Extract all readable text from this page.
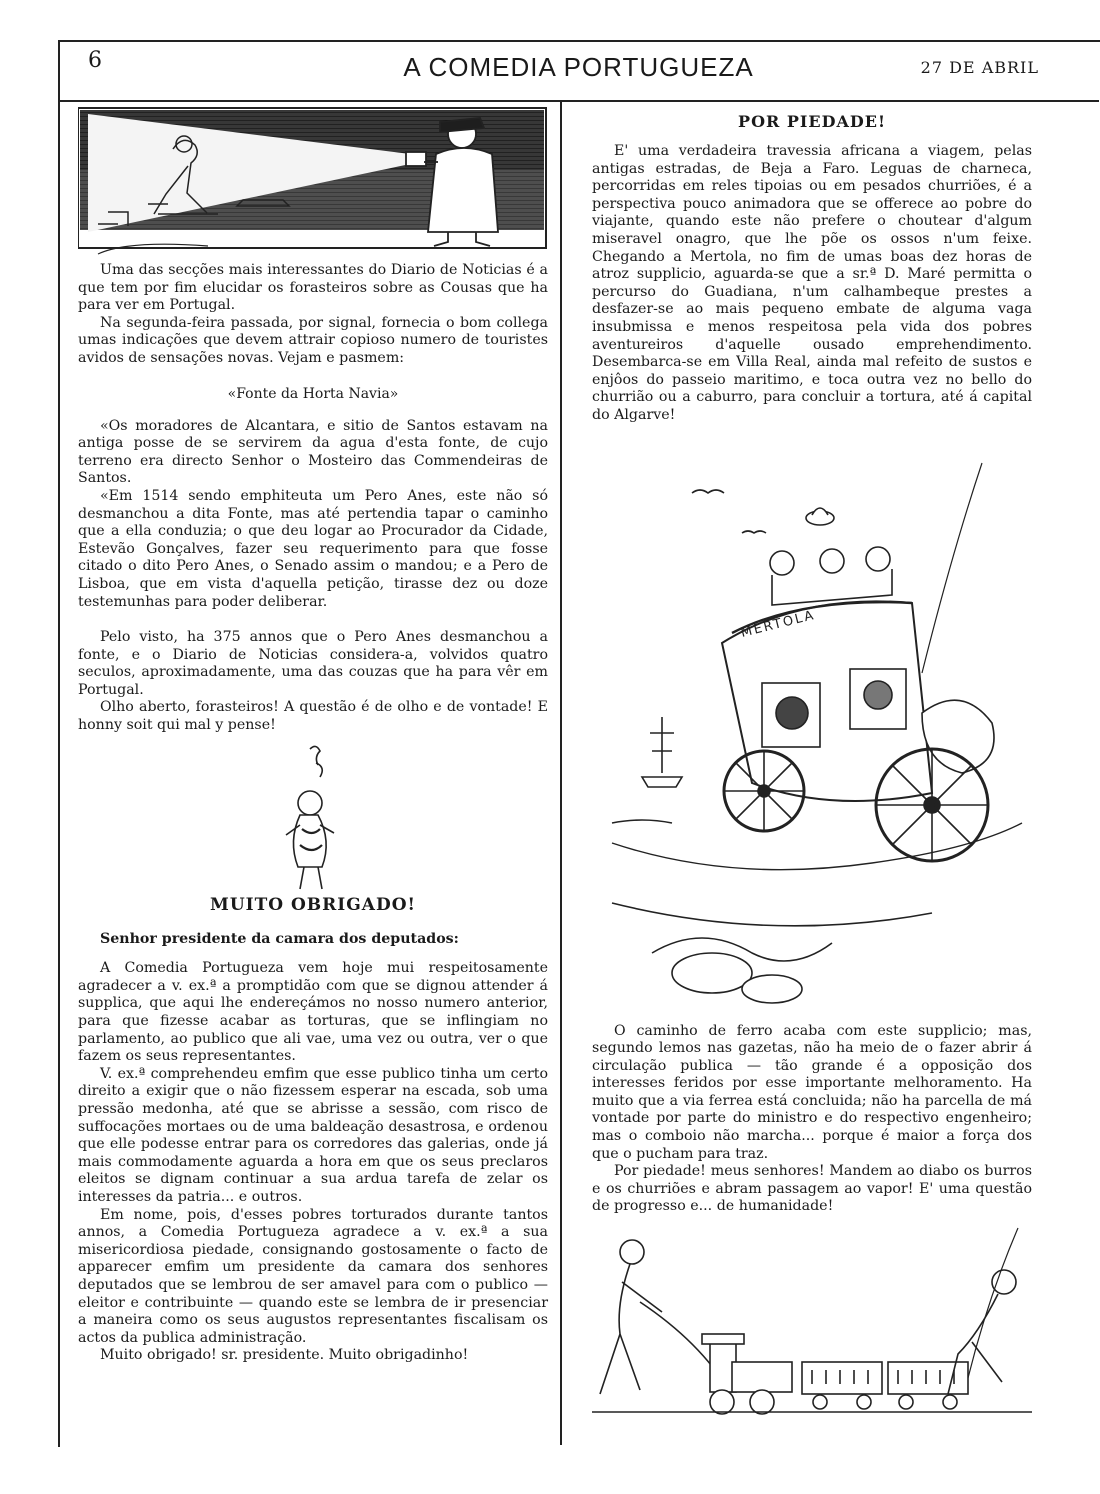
6	A COMEDIA PORTUGUEZA	27 DE ABRIL

Uma das secções mais interessantes do Diario de Noticias é a que tem por fim elucidar os forasteiros sobre as Cousas que ha para ver em Portugal.

Na segunda-feira passada, por signal, fornecia o bom collega umas indicações que devem attrair copioso numero de touristes avidos de sensações novas. Vejam e pasmem:

«Fonte da Horta Navia»

«Os moradores de Alcantara, e sitio de Santos estavam na antiga posse de se servirem da agua d'esta fonte, de cujo terreno era directo Senhor o Mosteiro das Commendeiras de Santos.

«Em 1514 sendo emphiteuta um Pero Anes, este não só desmanchou a dita Fonte, mas até pertendia tapar o caminho que a ella conduzia; o que deu logar ao Procurador da Cidade, Estevão Gonçalves, fazer seu requerimento para que fosse citado o dito Pero Anes, o Senado assim o mandou; e a Pero de Lisboa, que em vista d'aquella petição, tirasse dez ou doze testemunhas para poder deliberar.

Pelo visto, ha 375 annos que o Pero Anes desmanchou a fonte, e o Diario de Noticias considera-a, volvidos quatro seculos, aproximadamente, uma das couzas que ha para vêr em Portugal.

Olho aberto, forasteiros! A questão é de olho e de vontade! E honny soit qui mal y pense!

MUITO OBRIGADO!

Senhor presidente da camara dos deputados:

A Comedia Portugueza vem hoje mui respeitosamente agradecer a v. ex.ª a promptidão com que se dignou attender á supplica, que aqui lhe endereçámos no nosso numero anterior, para que fizesse acabar as torturas, que se inflingiam no parlamento, ao publico que ali vae, uma vez ou outra, ver o que fazem os seus representantes.

V. ex.ª comprehendeu emfim que esse publico tinha um certo direito a exigir que o não fizessem esperar na escada, sob uma pressão medonha, até que se abrisse a sessão, com risco de suffocações mortaes ou de uma baldeação desastrosa, e ordenou que elle podesse entrar para os corredores das galerias, onde já mais commodamente aguarda a hora em que os seus preclaros eleitos se dignam continuar a sua ardua tarefa de zelar os interesses da patria... e outros.

Em nome, pois, d'esses pobres torturados durante tantos annos, a Comedia Portugueza agradece a v. ex.ª a sua misericordiosa piedade, consignando gostosamente o facto de apparecer emfim um presidente da camara dos senhores deputados que se lembrou de ser amavel para com o publico — eleitor e contribuinte — quando este se lembra de ir presenciar a maneira como os seus augustos representantes fiscalisam os actos da publica administração.

Muito obrigado! sr. presidente. Muito obrigadinho!

POR PIEDADE!

E' uma verdadeira travessia africana a viagem, pelas antigas estradas, de Beja a Faro. Leguas de charneca, percorridas em reles tipoias ou em pesados churriões, é a perspectiva pouco animadora que se offerece ao pobre do viajante, quando este não prefere o choutear d'algum miseravel onagro, que lhe põe os ossos n'um feixe. Chegando a Mertola, no fim de umas boas dez horas de atroz supplicio, aguarda-se que a sr.ª D. Maré permitta o percurso do Guadiana, n'um calhambeque prestes a desfazer-se ao mais pequeno embate de alguma vaga insubmissa e menos respeitosa pela vida dos pobres aventureiros d'aquelle ousado emprehendimento. Desembarca-se em Villa Real, ainda mal refeito de sustos e enjôos do passeio maritimo, e toca outra vez no bello do churrião ou a caburro, para concluir a tortura, até á capital do Algarve!

MERTOLA

O caminho de ferro acaba com este supplicio; mas, segundo lemos nas gazetas, não ha meio de o fazer abrir á circulação publica — tão grande é a opposição dos interesses feridos por esse importante melhoramento. Ha muito que a via ferrea está concluida; não ha parcella de má vontade por parte do ministro e do respectivo engenheiro; mas o comboio não marcha... porque é maior a força dos que o pucham para traz.

Por piedade! meus senhores! Mandem ao diabo os burros e os churriões e abram passagem ao vapor! E' uma questão de progresso e... de humanidade!
